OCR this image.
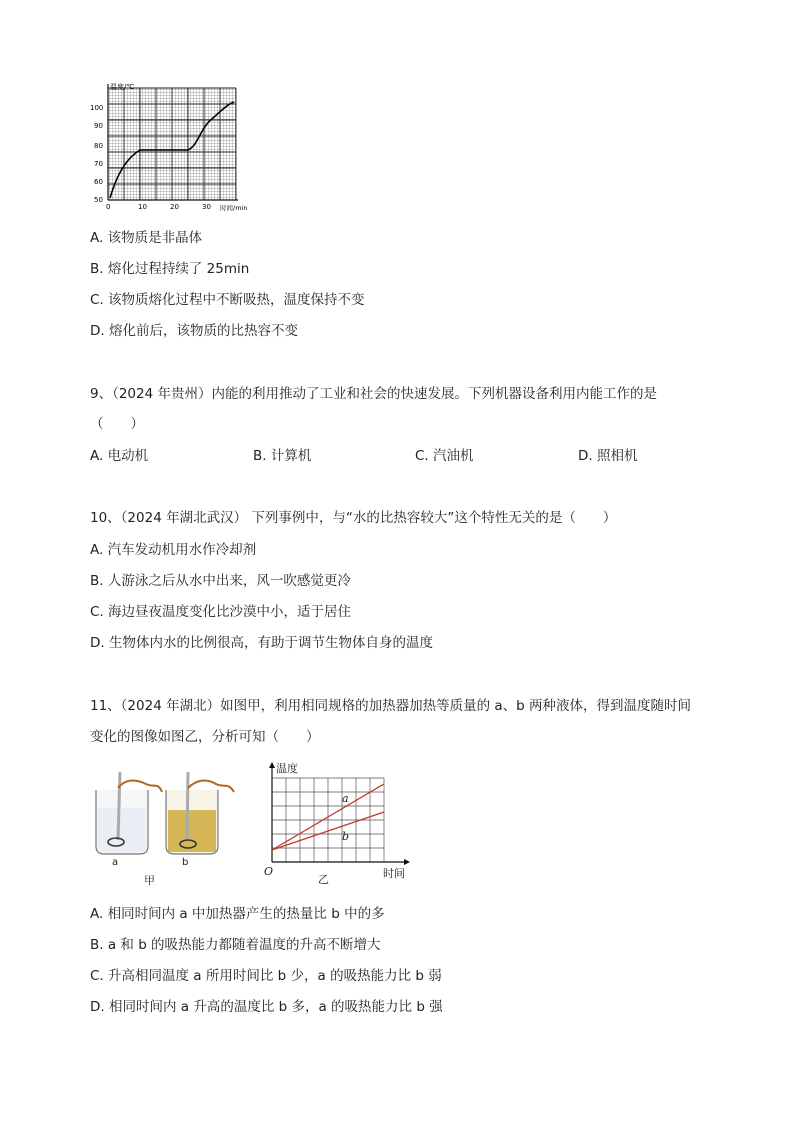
温度/℃
时间/min
100
90
80
70
60
50
0	10	20	30
A. 该物质是非晶体
B. 熔化过程持续了 25min
C. 该物质熔化过程中不断吸热，温度保持不变
D. 熔化前后，该物质的比热容不变
9、（2024 年贵州）内能的利用推动了工业和社会的快速发展。下列机器设备利用内能工作的是
（　　）
A. 电动机	B. 计算机	C. 汽油机	D. 照相机
10、（2024 年湖北武汉） 下列事例中，与“水的比热容较大”这个特性无关的是（　　）
A. 汽车发动机用水作冷却剂
B. 人游泳之后从水中出来，风一吹感觉更冷
C. 海边昼夜温度变化比沙漠中小，适于居住
D. 生物体内水的比例很高，有助于调节生物体自身的温度
11、（2024 年湖北）如图甲，利用相同规格的加热器加热等质量的 a、b 两种液体，得到温度随时间
变化的图像如图乙，分析可知（　　）
a	b
甲
温度
时间
O
a
b
乙
A. 相同时间内 a 中加热器产生的热量比 b 中的多
B. a 和 b 的吸热能力都随着温度的升高不断增大
C. 升高相同温度 a 所用时间比 b 少，a 的吸热能力比 b 弱
D. 相同时间内 a 升高的温度比 b 多，a 的吸热能力比 b 强
